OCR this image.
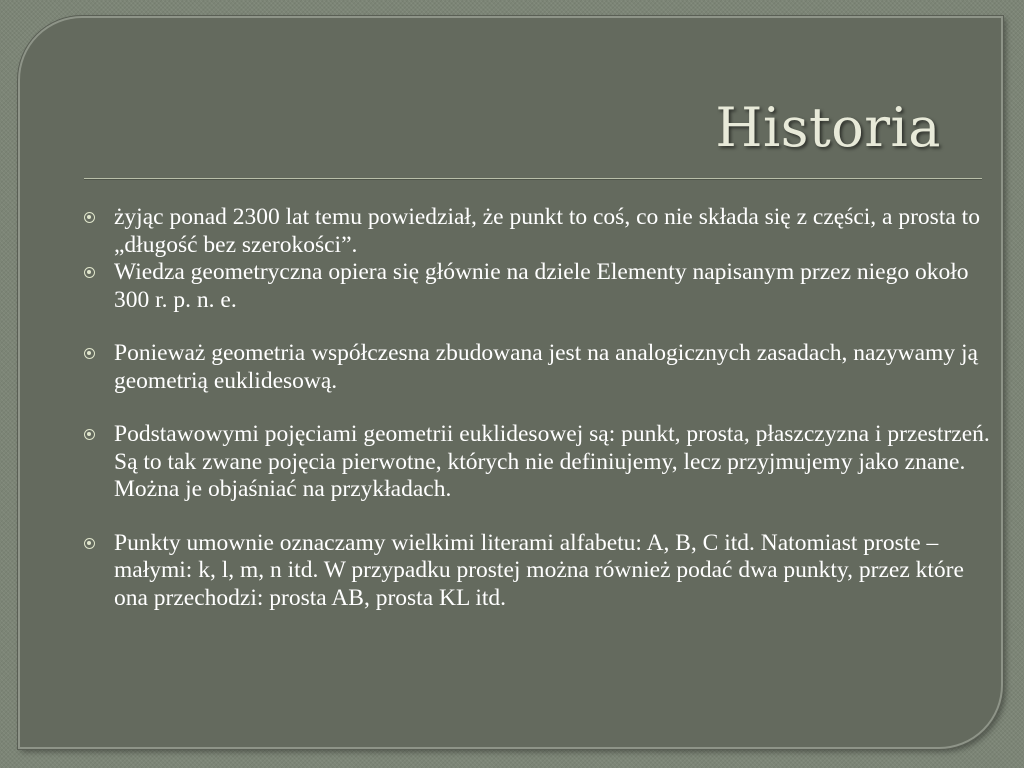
Historia
żyjąc ponad 2300 lat temu powiedział, że punkt to coś, co nie składa się z części, a prosta to „długość bez szerokości”.
Wiedza geometryczna opiera się głównie na dziele Elementy napisanym przez niego około 300 r. p. n. e.
Ponieważ geometria współczesna zbudowana jest na analogicznych zasadach, nazywamy ją geometrią euklidesową.
Podstawowymi pojęciami geometrii euklidesowej są: punkt, prosta, płaszczyzna i przestrzeń. Są to tak zwane pojęcia pierwotne, których nie definiujemy, lecz przyjmujemy jako znane. Można je objaśniać na przykładach.
Punkty umownie oznaczamy wielkimi literami alfabetu: A, B, C itd. Natomiast proste – małymi: k, l, m, n itd. W przypadku prostej można również podać dwa punkty, przez które ona przechodzi: prosta AB, prosta KL itd.
